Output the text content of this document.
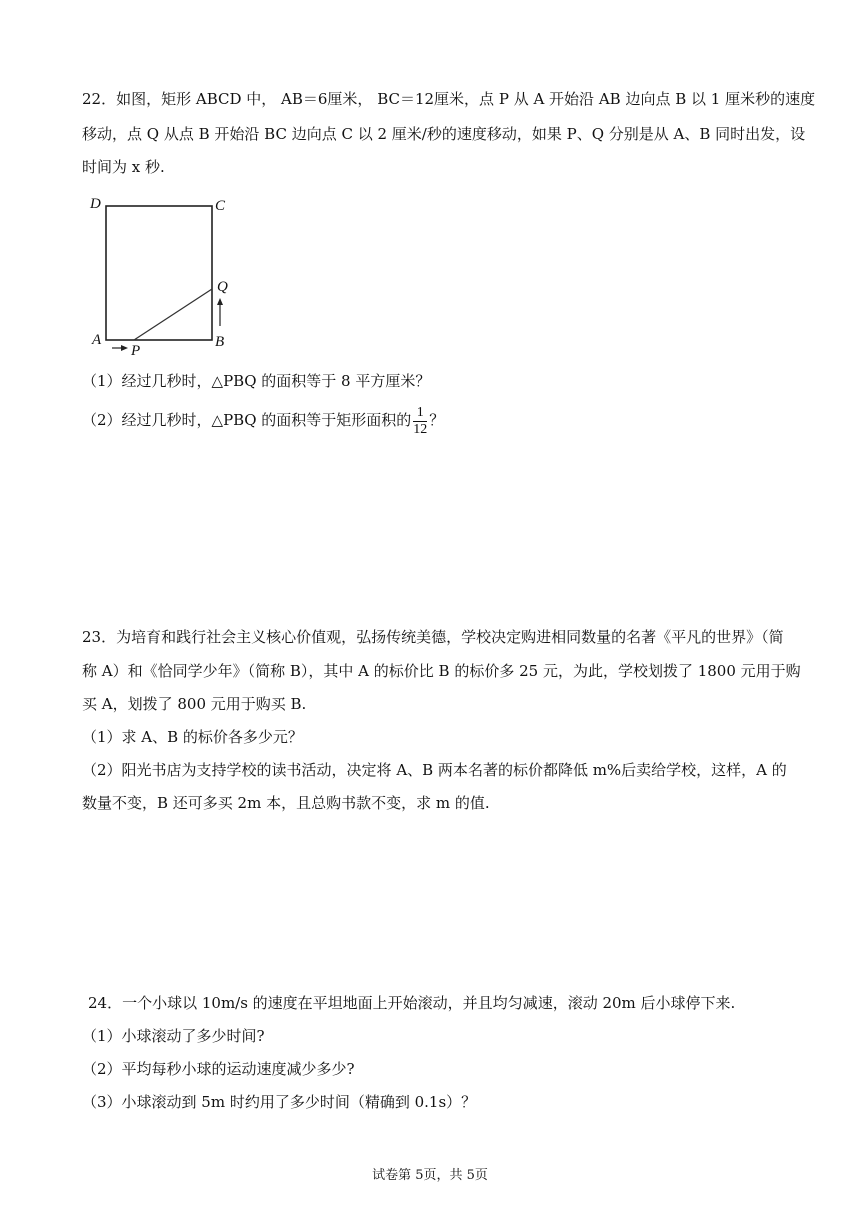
22．如图，矩形 ABCD 中， AB＝6厘米， BC＝12厘米，点 P 从 A 开始沿 AB 边向点 B 以 1 厘米秒的速度
移动，点 Q 从点 B 开始沿 BC 边向点 C 以 2 厘米/秒的速度移动，如果 P、Q 分别是从 A、B 同时出发，设
时间为 x 秒.
D	C
Q
A
P
B
（1）经过几秒时，△PBQ 的面积等于 8 平方厘米？
（2）经过几秒时，△PBQ 的面积等于矩形面积的 $\frac{1}{12}$ ？
23．为培育和践行社会主义核心价值观，弘扬传统美德，学校决定购进相同数量的名著《平凡的世界》（简
称 A）和《恰同学少年》（简称 B），其中 A 的标价比 B 的标价多 25 元，为此，学校划拨了 1800 元用于购
买 A，划拨了 800 元用于购买 B.
（1）求 A、B 的标价各多少元？
（2）阳光书店为支持学校的读书活动，决定将 A、B 两本名著的标价都降低 m%后卖给学校，这样，A 的
数量不变，B 还可多买 2m 本，且总购书款不变，求 m 的值.
24．一个小球以 10m/s 的速度在平坦地面上开始滚动，并且均匀减速，滚动 20m 后小球停下来.
（1）小球滚动了多少时间?
（2）平均每秒小球的运动速度减少多少?
（3）小球滚动到 5m 时约用了多少时间（精确到 0.1s）？
试卷第 5页，共 5页
